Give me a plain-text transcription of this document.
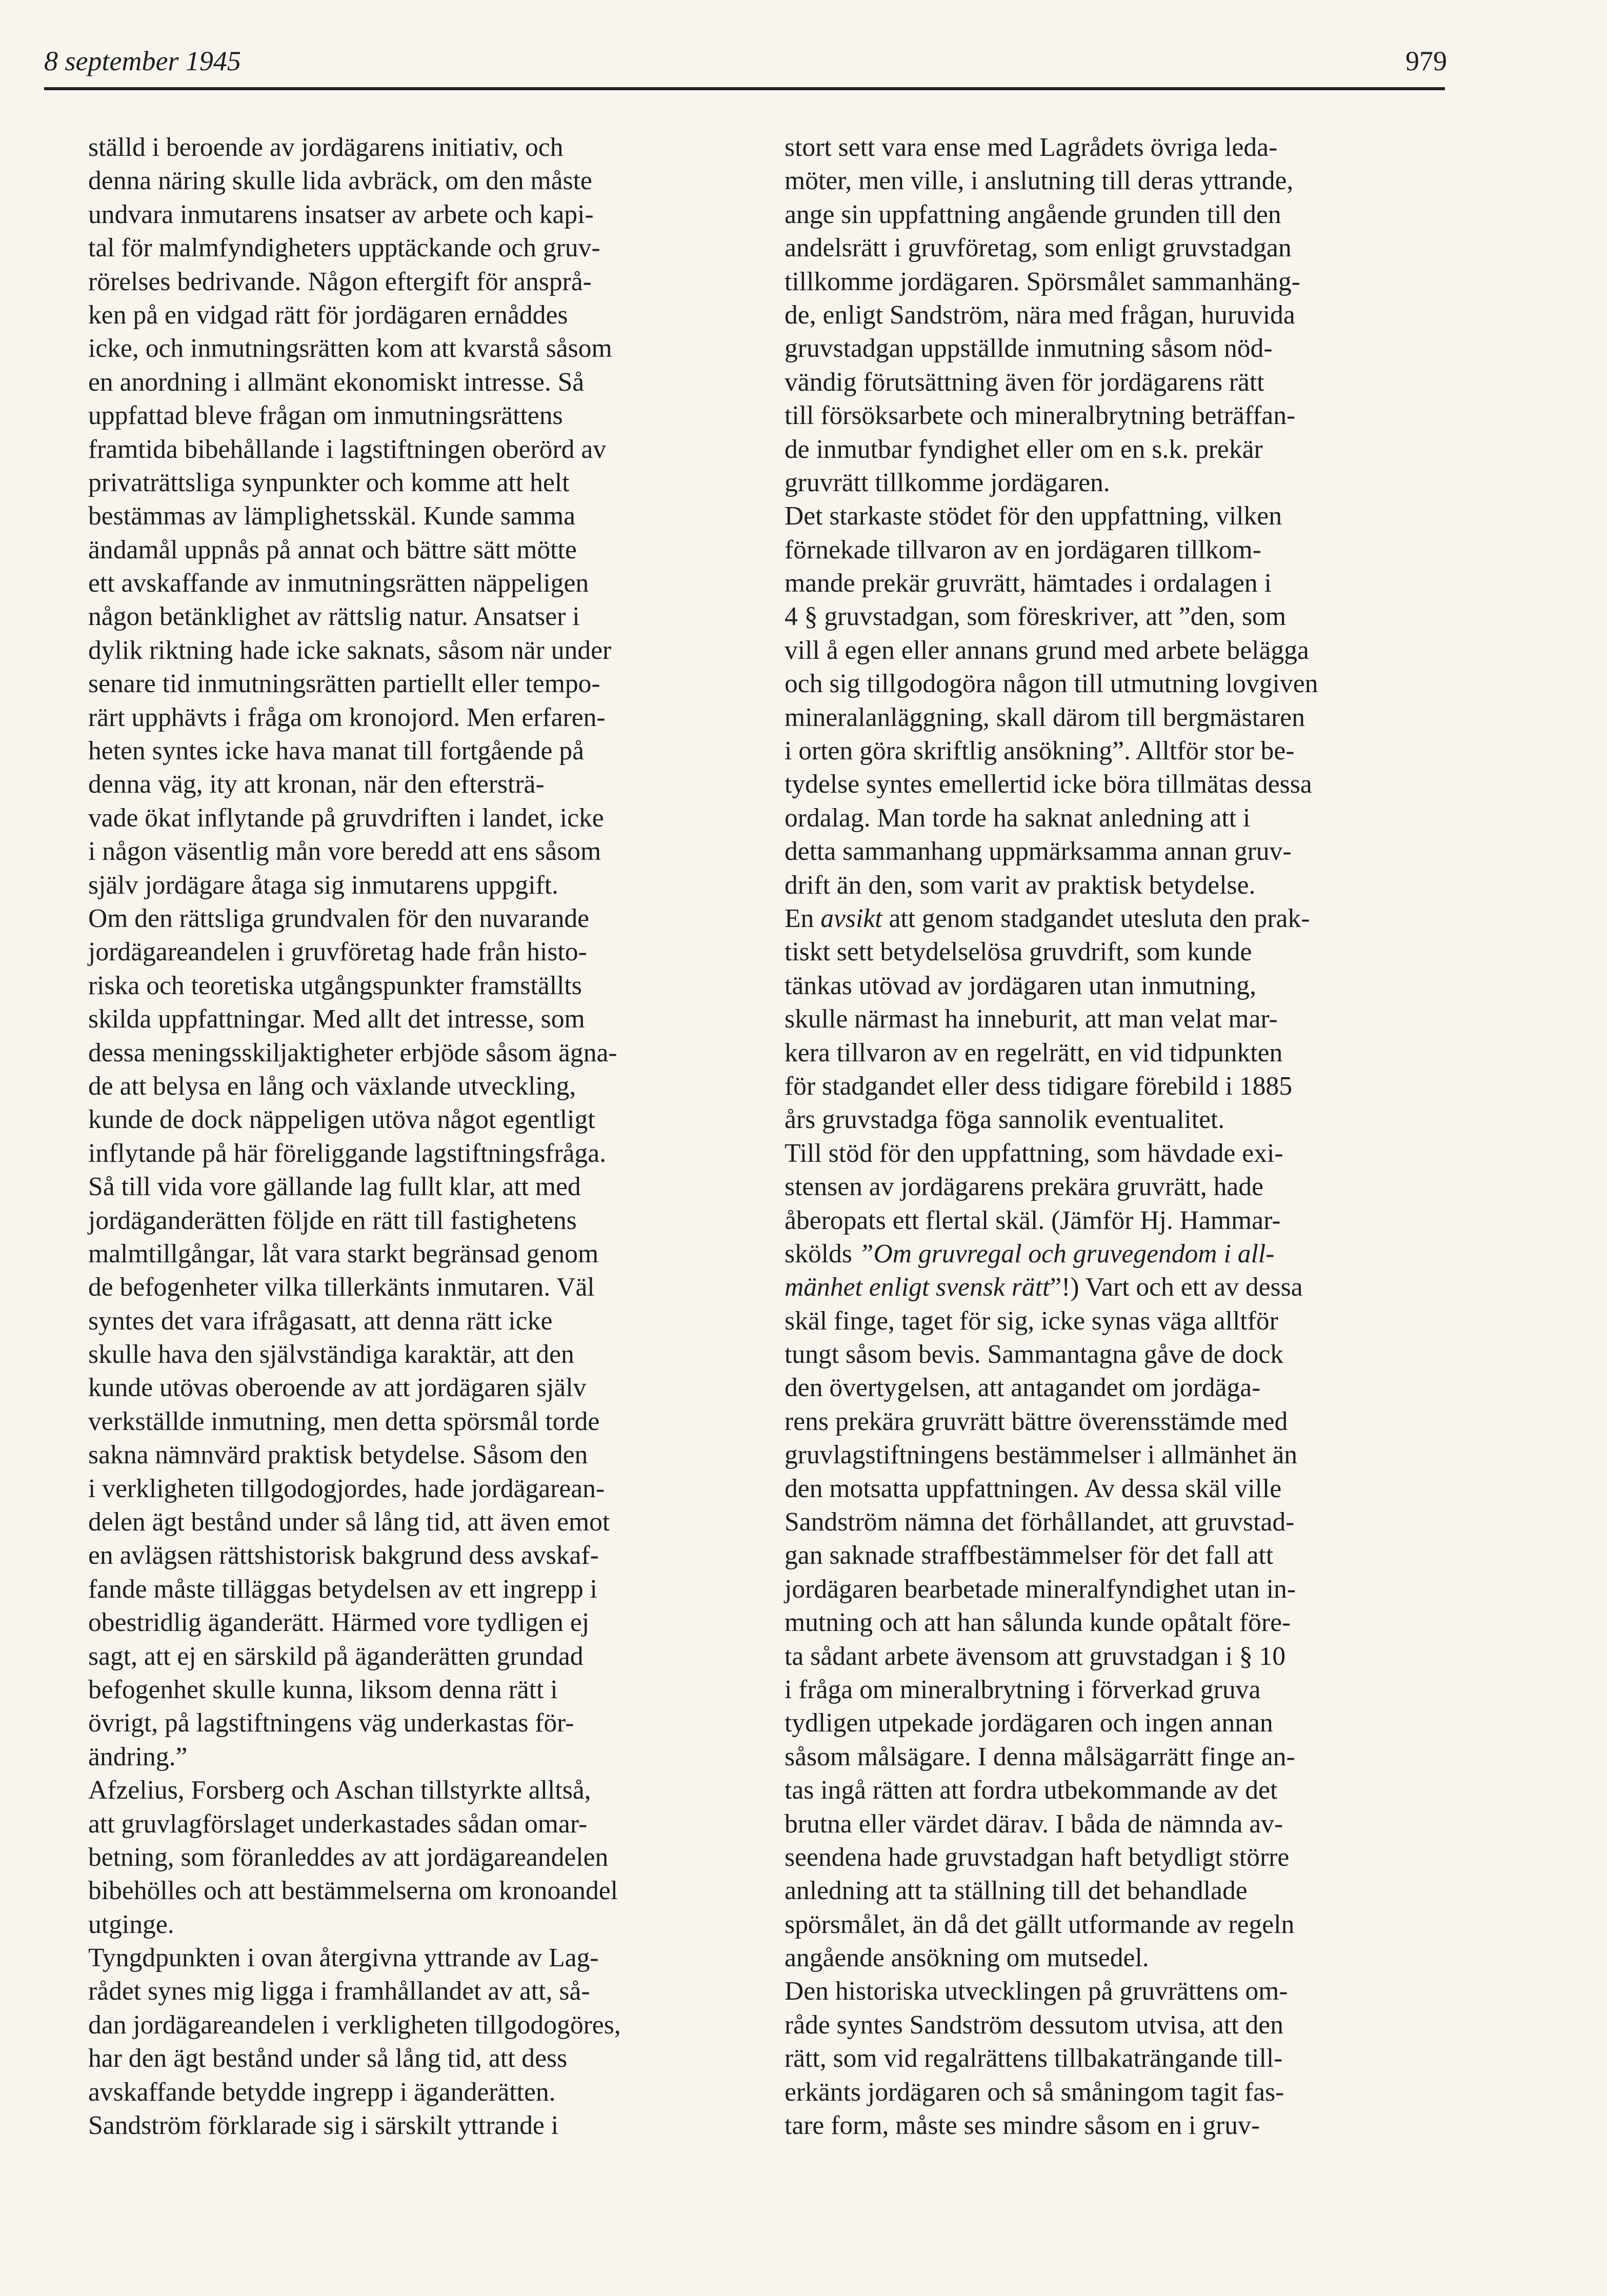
8 september 1945	979
ställd i beroende av jordägarens initiativ, och
denna näring skulle lida avbräck, om den måste
undvara inmutarens insatser av arbete och kapi-
tal för malmfyndigheters upptäckande och gruv-
rörelses bedrivande. Någon eftergift för ansprå-
ken på en vidgad rätt för jordägaren ernåddes
icke, och inmutningsrätten kom att kvarstå såsom
en anordning i allmänt ekonomiskt intresse. Så
uppfattad bleve frågan om inmutningsrättens
framtida bibehållande i lagstiftningen oberörd av
privaträttsliga synpunkter och komme att helt
bestämmas av lämplighetsskäl. Kunde samma
ändamål uppnås på annat och bättre sätt mötte
ett avskaffande av inmutningsrätten näppeligen
någon betänklighet av rättslig natur. Ansatser i
dylik riktning hade icke saknats, såsom när under
senare tid inmutningsrätten partiellt eller tempo-
rärt upphävts i fråga om kronojord. Men erfaren-
heten syntes icke hava manat till fortgående på
denna väg, ity att kronan, när den eftersträ-
vade ökat inflytande på gruvdriften i landet, icke
i någon väsentlig mån vore beredd att ens såsom
själv jordägare åtaga sig inmutarens uppgift.
Om den rättsliga grundvalen för den nuvarande
jordägareandelen i gruvföretag hade från histo-
riska och teoretiska utgångspunkter framställts
skilda uppfattningar. Med allt det intresse, som
dessa meningsskiljaktigheter erbjöde såsom ägna-
de att belysa en lång och växlande utveckling,
kunde de dock näppeligen utöva något egentligt
inflytande på här föreliggande lagstiftningsfråga.
Så till vida vore gällande lag fullt klar, att med
jordäganderätten följde en rätt till fastighetens
malmtillgångar, låt vara starkt begränsad genom
de befogenheter vilka tillerkänts inmutaren. Väl
syntes det vara ifrågasatt, att denna rätt icke
skulle hava den självständiga karaktär, att den
kunde utövas oberoende av att jordägaren själv
verkställde inmutning, men detta spörsmål torde
sakna nämnvärd praktisk betydelse. Såsom den
i verkligheten tillgodogjordes, hade jordägarean-
delen ägt bestånd under så lång tid, att även emot
en avlägsen rättshistorisk bakgrund dess avskaf-
fande måste tilläggas betydelsen av ett ingrepp i
obestridlig äganderätt. Härmed vore tydligen ej
sagt, att ej en särskild på äganderätten grundad
befogenhet skulle kunna, liksom denna rätt i
övrigt, på lagstiftningens väg underkastas för-
ändring.”
Afzelius, Forsberg och Aschan tillstyrkte alltså,
att gruvlagförslaget underkastades sådan omar-
betning, som föranleddes av att jordägareandelen
bibehölles och att bestämmelserna om kronoandel
utginge.
Tyngdpunkten i ovan återgivna yttrande av Lag-
rådet synes mig ligga i framhållandet av att, så-
dan jordägareandelen i verkligheten tillgodogöres,
har den ägt bestånd under så lång tid, att dess
avskaffande betydde ingrepp i äganderätten.
Sandström förklarade sig i särskilt yttrande i
stort sett vara ense med Lagrådets övriga leda-
möter, men ville, i anslutning till deras yttrande,
ange sin uppfattning angående grunden till den
andelsrätt i gruvföretag, som enligt gruvstadgan
tillkomme jordägaren. Spörsmålet sammanhäng-
de, enligt Sandström, nära med frågan, huruvida
gruvstadgan uppställde inmutning såsom nöd-
vändig förutsättning även för jordägarens rätt
till försöksarbete och mineralbrytning beträffan-
de inmutbar fyndighet eller om en s.k. prekär
gruvrätt tillkomme jordägaren.
Det starkaste stödet för den uppfattning, vilken
förnekade tillvaron av en jordägaren tillkom-
mande prekär gruvrätt, hämtades i ordalagen i
4 § gruvstadgan, som föreskriver, att ”den, som
vill å egen eller annans grund med arbete belägga
och sig tillgodogöra någon till utmutning lovgiven
mineralanläggning, skall därom till bergmästaren
i orten göra skriftlig ansökning”. Alltför stor be-
tydelse syntes emellertid icke böra tillmätas dessa
ordalag. Man torde ha saknat anledning att i
detta sammanhang uppmärksamma annan gruv-
drift än den, som varit av praktisk betydelse.
En avsikt att genom stadgandet utesluta den prak-
tiskt sett betydelselösa gruvdrift, som kunde
tänkas utövad av jordägaren utan inmutning,
skulle närmast ha inneburit, att man velat mar-
kera tillvaron av en regelrätt, en vid tidpunkten
för stadgandet eller dess tidigare förebild i 1885
års gruvstadga föga sannolik eventualitet.
Till stöd för den uppfattning, som hävdade exi-
stensen av jordägarens prekära gruvrätt, hade
åberopats ett flertal skäl. (Jämför Hj. Hammar-
skölds ”Om gruvregal och gruvegendom i all-
mänhet enligt svensk rätt”!) Vart och ett av dessa
skäl finge, taget för sig, icke synas väga alltför
tungt såsom bevis. Sammantagna gåve de dock
den övertygelsen, att antagandet om jordäga-
rens prekära gruvrätt bättre överensstämde med
gruvlagstiftningens bestämmelser i allmänhet än
den motsatta uppfattningen. Av dessa skäl ville
Sandström nämna det förhållandet, att gruvstad-
gan saknade straffbestämmelser för det fall att
jordägaren bearbetade mineralfyndighet utan in-
mutning och att han sålunda kunde opåtalt före-
ta sådant arbete ävensom att gruvstadgan i § 10
i fråga om mineralbrytning i förverkad gruva
tydligen utpekade jordägaren och ingen annan
såsom målsägare. I denna målsägarrätt finge an-
tas ingå rätten att fordra utbekommande av det
brutna eller värdet därav. I båda de nämnda av-
seendena hade gruvstadgan haft betydligt större
anledning att ta ställning till det behandlade
spörsmålet, än då det gällt utformande av regeln
angående ansökning om mutsedel.
Den historiska utvecklingen på gruvrättens om-
råde syntes Sandström dessutom utvisa, att den
rätt, som vid regalrättens tillbakaträngande till-
erkänts jordägaren och så småningom tagit fas-
tare form, måste ses mindre såsom en i gruv-
